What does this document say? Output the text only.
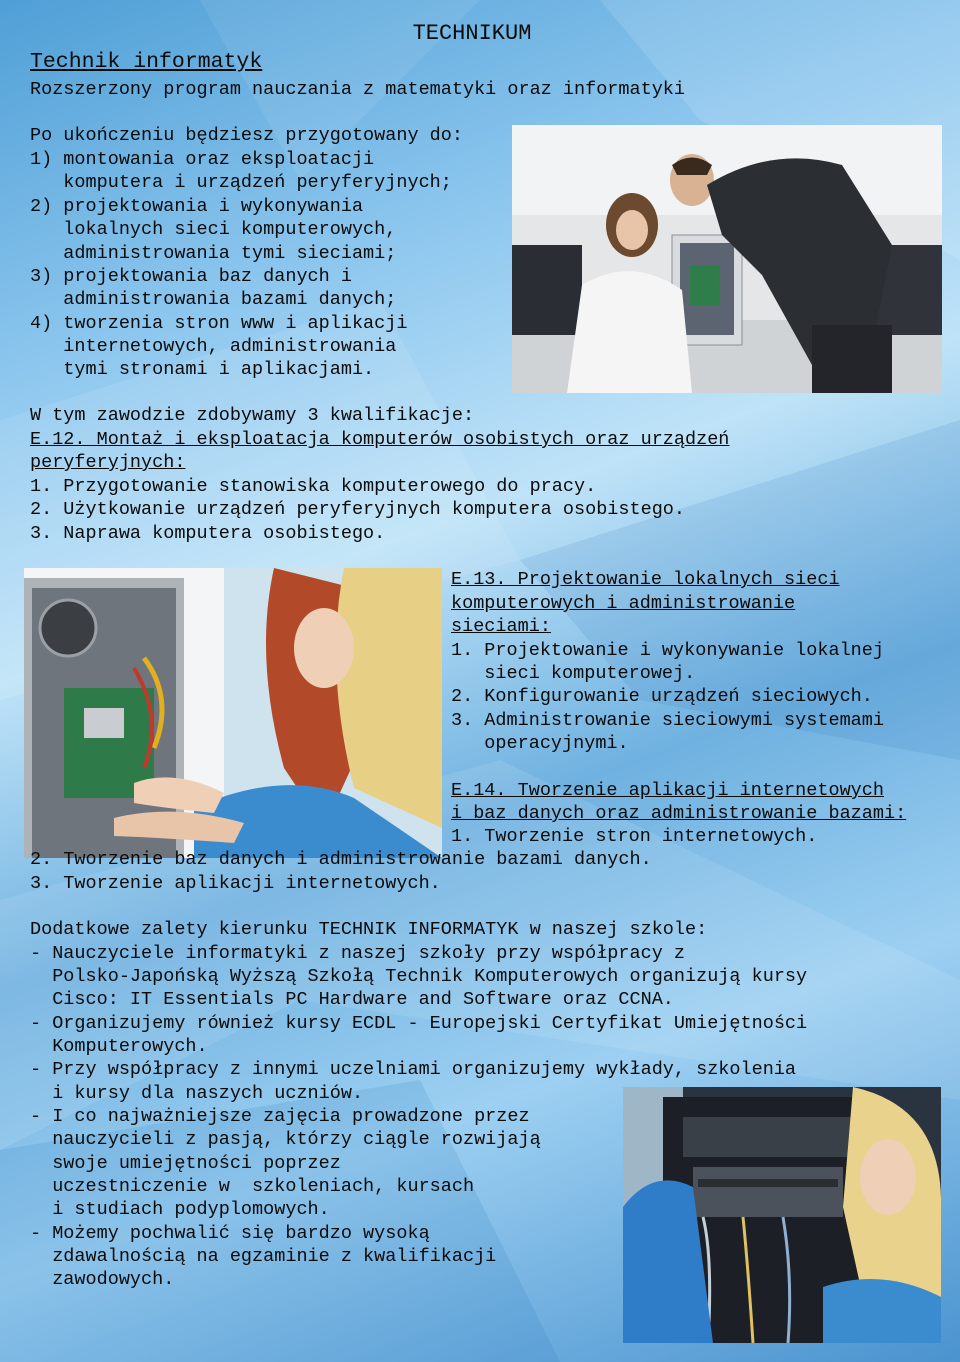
TECHNIKUM
Technik informatyk
Rozszerzony program nauczania z matematyki oraz informatyki
Po ukończeniu będziesz przygotowany do:
1) montowania oraz eksploatacji
komputera i urządzeń peryferyjnych;
2) projektowania i wykonywania
lokalnych sieci komputerowych,
administrowania tymi sieciami;
3) projektowania baz danych i
administrowania bazami danych;
4) tworzenia stron www i aplikacji
internetowych, administrowania
tymi stronami i aplikacjami.
W tym zawodzie zdobywamy 3 kwalifikacje:
E.12. Montaż i eksploatacja komputerów osobistych oraz urządzeń
peryferyjnych:
1. Przygotowanie stanowiska komputerowego do pracy.
2. Użytkowanie urządzeń peryferyjnych komputera osobistego.
3. Naprawa komputera osobistego.
E.13. Projektowanie lokalnych sieci
komputerowych i administrowanie
sieciami:
1. Projektowanie i wykonywanie lokalnej
sieci komputerowej.
2. Konfigurowanie urządzeń sieciowych.
3. Administrowanie sieciowymi systemami
operacyjnymi.
E.14. Tworzenie aplikacji internetowych
i baz danych oraz administrowanie bazami:
1. Tworzenie stron internetowych.
2. Tworzenie baz danych i administrowanie bazami danych.
3. Tworzenie aplikacji internetowych.
Dodatkowe zalety kierunku TECHNIK INFORMATYK w naszej szkole:
- Nauczyciele informatyki z naszej szkoły przy współpracy z
Polsko-Japońską Wyższą Szkołą Technik Komputerowych organizują kursy
Cisco: IT Essentials PC Hardware and Software oraz CCNA.
- Organizujemy również kursy ECDL - Europejski Certyfikat Umiejętności
Komputerowych.
- Przy współpracy z innymi uczelniami organizujemy wykłady, szkolenia
i kursy dla naszych uczniów.
- I co najważniejsze zajęcia prowadzone przez
nauczycieli z pasją, którzy ciągle rozwijają
swoje umiejętności poprzez
uczestniczenie w  szkoleniach, kursach
i studiach podyplomowych.
- Możemy pochwalić się bardzo wysoką
zdawalnością na egzaminie z kwalifikacji
zawodowych.
